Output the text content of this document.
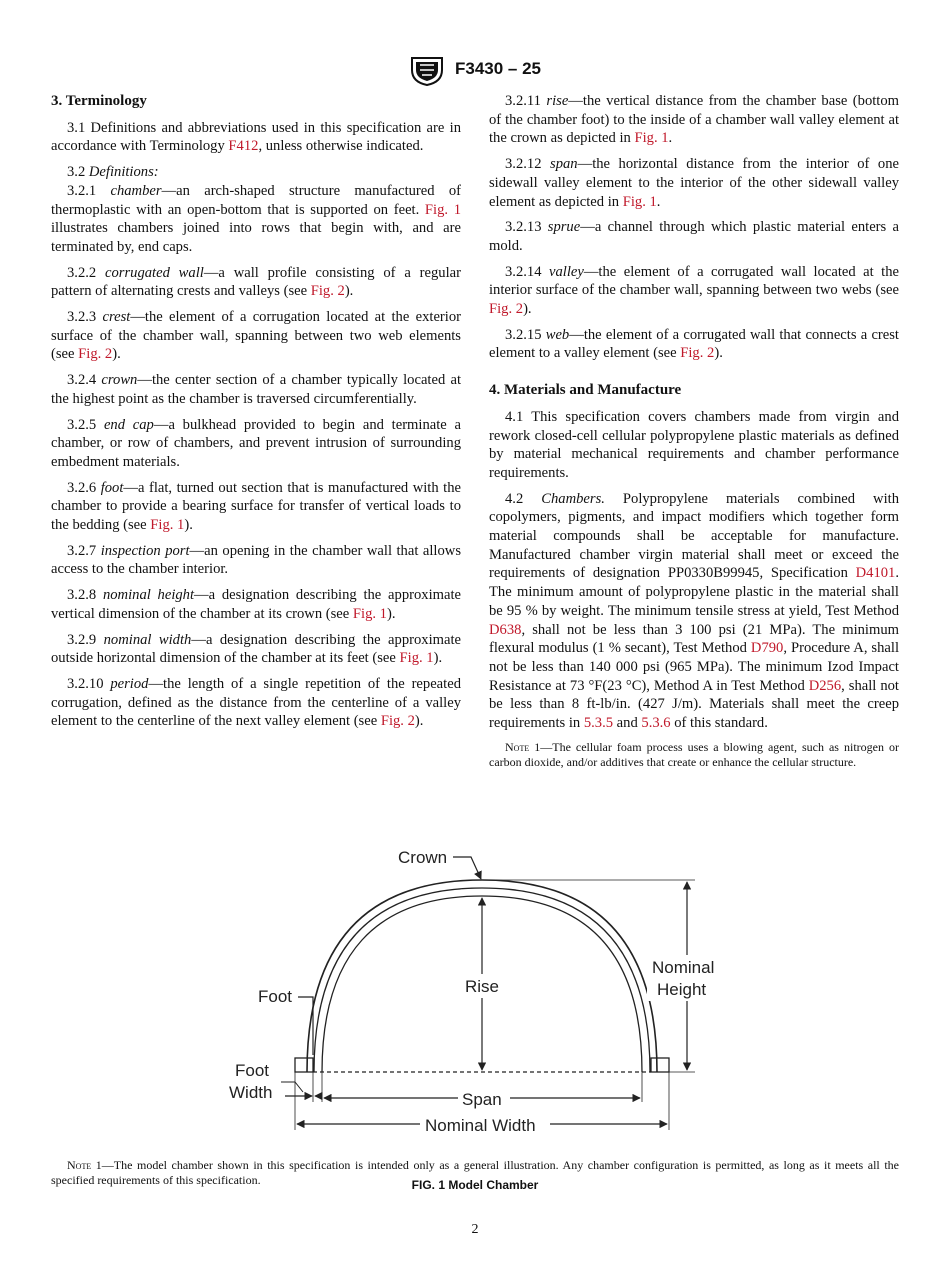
F3430 – 25
3. Terminology

3.1 Definitions and abbreviations used in this specification are in accordance with Terminology F412, unless otherwise indicated.

3.2 Definitions:

3.2.1 chamber—an arch-shaped structure manufactured of thermoplastic with an open-bottom that is supported on feet. Fig. 1 illustrates chambers joined into rows that begin with, and are terminated by, end caps.

3.2.2 corrugated wall—a wall profile consisting of a regular pattern of alternating crests and valleys (see Fig. 2).

3.2.3 crest—the element of a corrugation located at the exterior surface of the chamber wall, spanning between two web elements (see Fig. 2).

3.2.4 crown—the center section of a chamber typically located at the highest point as the chamber is traversed circumferentially.

3.2.5 end cap—a bulkhead provided to begin and terminate a chamber, or row of chambers, and prevent intrusion of surrounding embedment materials.

3.2.6 foot—a flat, turned out section that is manufactured with the chamber to provide a bearing surface for transfer of vertical loads to the bedding (see Fig. 1).

3.2.7 inspection port—an opening in the chamber wall that allows access to the chamber interior.

3.2.8 nominal height—a designation describing the approximate vertical dimension of the chamber at its crown (see Fig. 1).

3.2.9 nominal width—a designation describing the approximate outside horizontal dimension of the chamber at its feet (see Fig. 1).

3.2.10 period—the length of a single repetition of the repeated corrugation, defined as the distance from the centerline of a valley element to the centerline of the next valley element (see Fig. 2).

3.2.11 rise—the vertical distance from the chamber base (bottom of the chamber foot) to the inside of a chamber wall valley element at the crown as depicted in Fig. 1.

3.2.12 span—the horizontal distance from the interior of one sidewall valley element to the interior of the other sidewall valley element as depicted in Fig. 1.

3.2.13 sprue—a channel through which plastic material enters a mold.

3.2.14 valley—the element of a corrugated wall located at the interior surface of the chamber wall, spanning between two webs (see Fig. 2).

3.2.15 web—the element of a corrugated wall that connects a crest element to a valley element (see Fig. 2).

4. Materials and Manufacture

4.1 This specification covers chambers made from virgin and rework closed-cell cellular polypropylene plastic materials as defined by material mechanical requirements and chamber performance requirements.

4.2 Chambers. Polypropylene materials combined with copolymers, pigments, and impact modifiers which together form material compounds shall be acceptable for manufacture. Manufactured chamber virgin material shall meet or exceed the requirements of designation PP0330B99945, Specification D4101. The minimum amount of polypropylene plastic in the material shall be 95 % by weight. The minimum tensile stress at yield, Test Method D638, shall not be less than 3 100 psi (21 MPa). The minimum flexural modulus (1 % secant), Test Method D790, Procedure A, shall not be less than 140 000 psi (965 MPa). The minimum Izod Impact Resistance at 73 °F(23 °C), Method A in Test Method D256, shall not be less than 8 ft-lb/in. (427 J/m). Materials shall meet the creep requirements in 5.3.5 and 5.3.6 of this standard.

Note 1—The cellular foam process uses a blowing agent, such as nitrogen or carbon dioxide, and/or additives that create or enhance the cellular structure.

Crown
Rise
Nominal
Height
Foot
Foot
Width	Span
Nominal Width

Note 1—The model chamber shown in this specification is intended only as a general illustration. Any chamber configuration is permitted, as long as it meets all the specified requirements of this specification.	FIG. 1 Model Chamber
2
